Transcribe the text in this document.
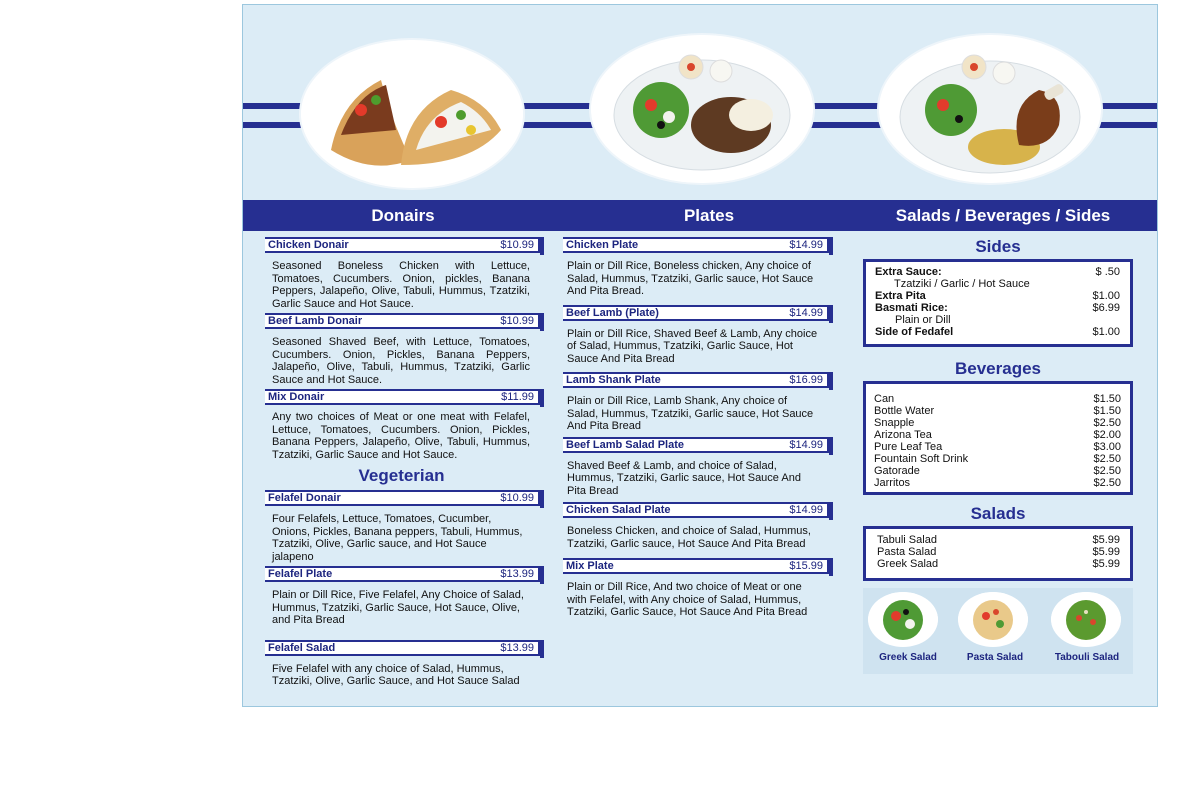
Donairs	Plates	Salads / Beverages / Sides
Chicken Donair	$10.99
Seasoned Boneless Chicken with Lettuce, Tomatoes, Cucumbers. Onion, pickles, Banana Peppers, Jalapeño, Olive, Tabuli, Hummus, Tzatziki, Garlic Sauce and Hot Sauce.
Beef Lamb Donair	$10.99
Seasoned Shaved Beef, with Lettuce, Tomatoes, Cucumbers. Onion, Pickles, Banana Peppers, Jalapeño, Olive, Tabuli, Hummus, Tzatziki, Garlic Sauce and Hot Sauce.
Mix Donair	$11.99
Any two choices of Meat or one meat with Felafel, Lettuce, Tomatoes, Cucumbers. Onion, Pickles, Banana Peppers, Jalapeño, Olive, Tabuli, Hummus, Tzatziki, Garlic Sauce and Hot Sauce.
Vegeterian
Felafel Donair	$10.99
Four Felafels, Lettuce, Tomatoes, Cucumber, Onions, Pickles, Banana peppers, Tabuli, Hummus, Tzatziki, Olive, Garlic sauce, and Hot Sauce jalapeno
Felafel Plate	$13.99
Plain or Dill Rice, Five Felafel, Any Choice of Salad, Hummus, Tzatziki, Garlic Sauce, Hot Sauce, Olive, and Pita Bread
Felafel Salad	$13.99
Five Felafel with any choice of Salad, Hummus, Tzatziki, Olive, Garlic Sauce, and Hot Sauce Salad
Chicken Plate	$14.99
Plain or Dill Rice, Boneless chicken, Any choice of Salad, Hummus, Tzatziki, Garlic sauce, Hot Sauce And Pita Bread.
Beef Lamb (Plate)	$14.99
Plain or Dill Rice, Shaved Beef & Lamb, Any choice of Salad, Hummus, Tzatziki, Garlic Sauce, Hot Sauce And Pita Bread
Lamb Shank Plate	$16.99
Plain or Dill Rice, Lamb Shank, Any choice of Salad, Hummus, Tzatziki, Garlic sauce, Hot Sauce And Pita Bread
Beef Lamb Salad Plate	$14.99
Shaved Beef & Lamb, and choice of Salad, Hummus, Tzatziki, Garlic sauce, Hot Sauce And Pita Bread
Chicken Salad Plate	$14.99
Boneless Chicken, and choice of Salad, Hummus, Tzatziki, Garlic sauce, Hot Sauce And Pita Bread
Mix Plate	$15.99
Plain or Dill Rice, And two choice of Meat or one with Felafel, with Any choice of Salad, Hummus, Tzatziki, Garlic Sauce, Hot Sauce And Pita Bread
Sides
Extra Sauce:	$ .50
Tzatziki / Garlic / Hot Sauce
Extra Pita	$1.00
Basmati Rice:	$6.99
Plain or Dill
Side of Fedafel	$1.00
Beverages
Can	$1.50
Bottle Water	$1.50
Snapple	$2.50
Arizona Tea	$2.00
Pure Leaf Tea	$3.00
Fountain Soft Drink	$2.50
Gatorade	$2.50
Jarritos	$2.50
Salads
Tabuli Salad	$5.99
Pasta Salad	$5.99
Greek Salad	$5.99
Greek Salad	Pasta Salad	Tabouli Salad
